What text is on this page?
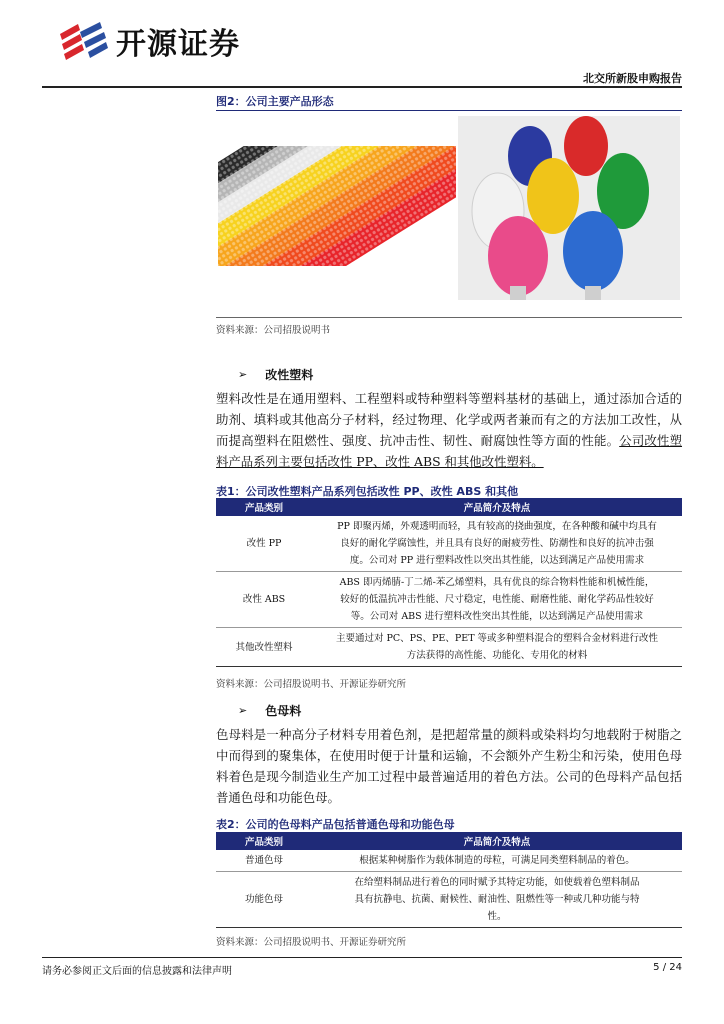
开源证券
北交所新股申购报告
图2：公司主要产品形态
资料来源：公司招股说明书
➢ 改性塑料
塑料改性是在通用塑料、工程塑料或特种塑料等塑料基材的基础上，通过添加合适的助剂、填料或其他高分子材料，经过物理、化学或两者兼而有之的方法加工改性，从而提高塑料在阻燃性、强度、抗冲击性、韧性、耐腐蚀性等方面的性能。公司改性塑料产品系列主要包括改性 PP、改性 ABS 和其他改性塑料。
表1：公司改性塑料产品系列包括改性 PP、改性 ABS 和其他
产品类别	产品简介及特点
改性 PP	PP 即聚丙烯，外观透明而轻，具有较高的挠曲强度，在各种酸和碱中均具有
良好的耐化学腐蚀性，并且具有良好的耐疲劳性、防潮性和良好的抗冲击强
度。公司对 PP 进行塑料改性以突出其性能，以达到满足产品使用需求

改性 ABS	ABS 即丙烯腈-丁二烯-苯乙烯塑料，具有优良的综合物料性能和机械性能，
较好的低温抗冲击性能、尺寸稳定，电性能、耐磨性能、耐化学药品性较好
等。公司对 ABS 进行塑料改性突出其性能，以达到满足产品使用需求

其他改性塑料	主要通过对 PC、PS、PE、PET 等或多种塑料混合的塑料合金材料进行改性
方法获得的高性能、功能化、专用化的材料
资料来源：公司招股说明书、开源证券研究所
➢ 色母料
色母料是一种高分子材料专用着色剂，是把超常量的颜料或染料均匀地载附于树脂之中而得到的聚集体，在使用时便于计量和运输，不会额外产生粉尘和污染，使用色母料着色是现今制造业生产加工过程中最普遍适用的着色方法。公司的色母料产品包括普通色母和功能色母。
表2：公司的色母料产品包括普通色母和功能色母
产品类别	产品简介及特点
普通色母	根据某种树脂作为载体制造的母粒，可满足同类塑料制品的着色。

功能色母	在给塑料制品进行着色的同时赋予其特定功能，如使载着色塑料制品
具有抗静电、抗菌、耐候性、耐油性、阻燃性等一种或几种功能与特
性。
资料来源：公司招股说明书、开源证券研究所
请务必参阅正文后面的信息披露和法律声明	5 / 24
